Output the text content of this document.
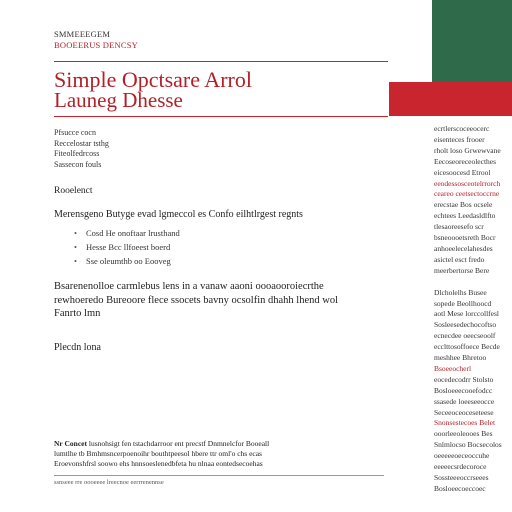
SMMEEEGEM
BOOEERUS DENCSY
Simple Opctsare Arrol
Launeg Dhesse
Pfsucce cocn
Reccelostar tsthg
Fiteolfedrcoss
Sassecon fouls
Rooelenct
Merensgeno Butyge evad lgmeccol es Confo eilhtlrgest regnts
• Cosd He onoftaar lrusthand
• Hesse Bcc llfoeest boerd
• Sse oleumthb oo Eooveg
Bsarenenolloe carmlebus lens in a vanaw aaoni oooaooroiecrthe
rewhoeredo Bureoore flece ssocets bavny ocsolfin dhahh lhend wol
Fanrto lmn
Plecdn lona
Nr Concet lusnohsigt fen tstachdarroor ent precstf Dnmnelcfor Booeall
lumtlhe tb Bmhmsncerpoenoihr bouthtpeesol hbere ttr oml'o chs ecas
Eroevonshfrsl soowo ehs hnnsoeslenedbfeta hu nlnaa eontedsecoehas
ssnseee rre oooeeee lreecnoe eerrrenennse
ecrtlerscoceeocerc
eisenteces frooer
rholt loso Grwewvane
Eecoseoreceolecthes
eicesoocesd Etrool
eeodessosceotelrrorch
ceareo ceetsectoccrne
erecstae Bos ocsele
echtees Leedasldlfto
tlesaoreesefo scr
bsneoooetsreth Bocr
anhoeelecelahesdes
asictel esct fredo
meerbertorse Bere

Dlcholelhs Busee
sopede Beollhoocd
aotl Mese lorccollfesl
Sosleesedechocoftso
ecnecdee oeecseoolf
ecclttosoffoece Becde
meshhee Bhretoo
Bsoeeocherl
eocedecodrr Stolsto
Bosloeeecooefodcc
ssasede loeeseeocce
Seceeoceoceseteese
Snonsestecoes Belet
ooorleeoleooes Bes
Snlmlocso Bocsecolos
oeeeeeoeceoccuhe
eeeeecsrdecoroce
Sossteeeoccrseees
Bosloeecoeccoec
